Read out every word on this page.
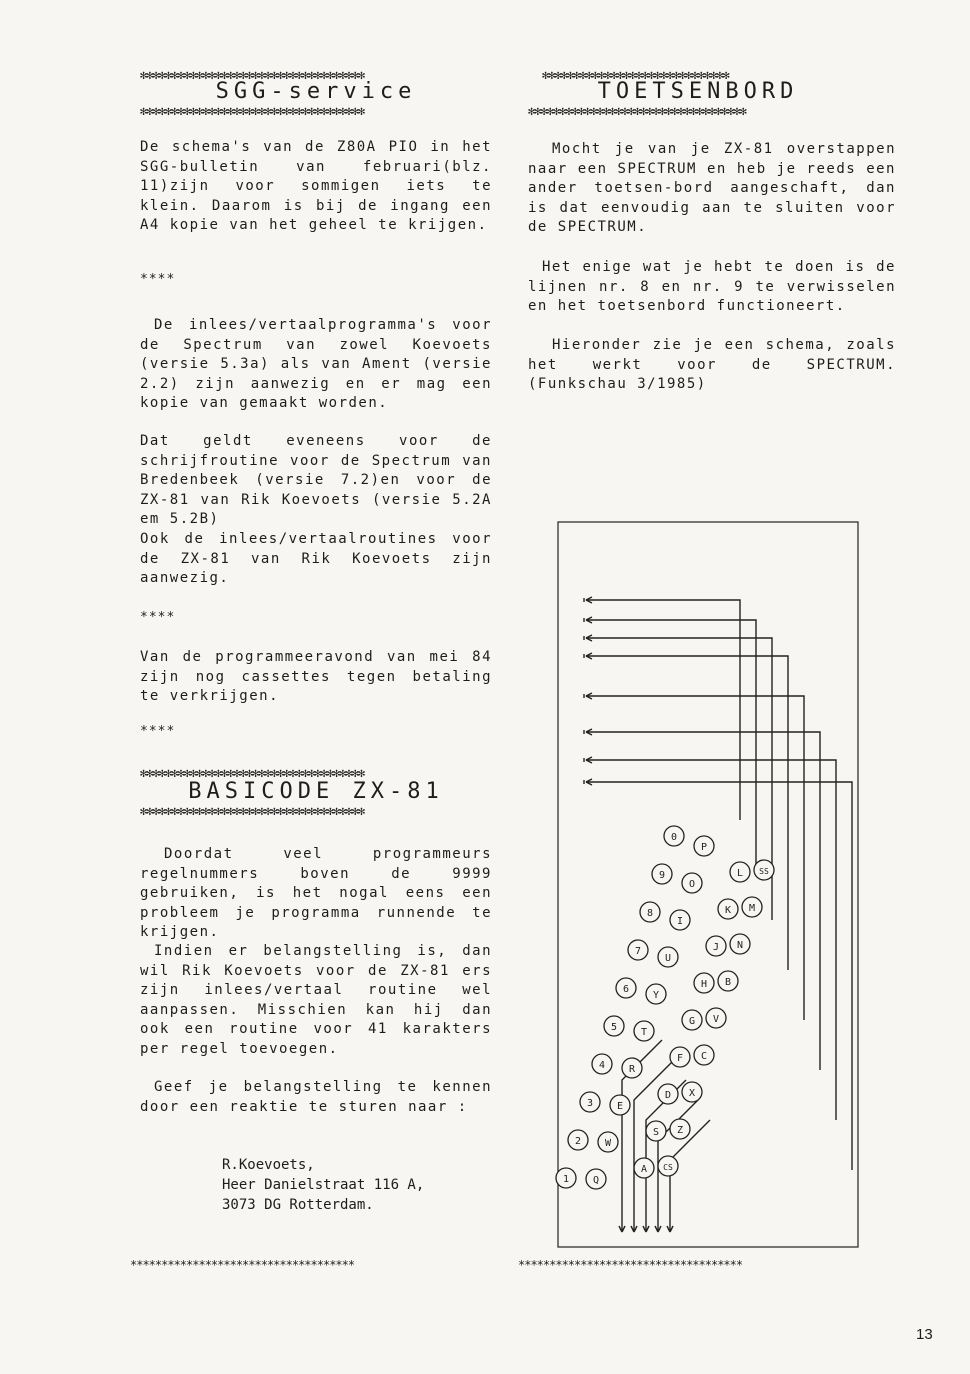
✻✻✻✻✻✻✻✻✻✻✻✻✻✻✻✻✻✻✻✻✻✻✻✻✻✻✻✻✻✻✻✻✻✻✻✻
SGG-service
✻✻✻✻✻✻✻✻✻✻✻✻✻✻✻✻✻✻✻✻✻✻✻✻✻✻✻✻✻✻✻✻✻✻✻✻

De schema's van de Z80A PIO in het SGG-bulletin van februari(blz. 11)zijn voor sommigen iets te klein. Daarom is bij de ingang een A4 kopie van het geheel te krijgen.

****

De inlees/vertaalprogramma's voor de Spectrum van zowel Koevoets (versie 5.3a) als van Ament (versie 2.2) zijn aanwezig en er mag een kopie van gemaakt worden.

Dat geldt eveneens voor de schrijfroutine voor de Spectrum van Bredenbeek (versie 7.2)en voor de ZX-81 van Rik Koevoets (versie 5.2A em 5.2B)

Ook de inlees/vertaalroutines voor de ZX-81 van Rik Koevoets zijn aanwezig.

****

Van de programmeeravond van mei 84 zijn nog cassettes tegen betaling te verkrijgen.

****
✻✻✻✻✻✻✻✻✻✻✻✻✻✻✻✻✻✻✻✻✻✻✻✻✻✻✻✻✻✻✻✻✻✻✻✻
BASICODE ZX-81
✻✻✻✻✻✻✻✻✻✻✻✻✻✻✻✻✻✻✻✻✻✻✻✻✻✻✻✻✻✻✻✻✻✻✻✻

Doordat veel programmeurs regelnummers boven de 9999 gebruiken, is het nogal eens een probleem je programma runnende te krijgen.

Indien er belangstelling is, dan wil Rik Koevoets voor de ZX-81 ers zijn inlees/vertaal routine wel aanpassen. Misschien kan hij dan ook een routine voor 41 karakters per regel toevoegen.

Geef je belangstelling te kennen door een reaktie te sturen naar :

R.Koevoets,
Heer Danielstraat 116 A,
3073 DG Rotterdam.
************************************
✻✻✻✻✻✻✻✻✻✻✻✻✻✻✻✻✻✻✻✻✻✻✻✻✻✻✻✻✻✻
TOETSENBORD
✻✻✻✻✻✻✻✻✻✻✻✻✻✻✻✻✻✻✻✻✻✻✻✻✻✻✻✻✻✻✻✻✻✻✻

Mocht je van je ZX-81 overstappen naar een SPECTRUM en heb je reeds een ander toetsen-bord aangeschaft, dan is dat eenvoudig aan te sluiten voor de SPECTRUM.

Het enige wat je hebt te doen is de lijnen nr. 8 en nr. 9 te verwisselen en het toetsenbord functioneert.

Hieronder zie je een schema, zoals het werkt voor de SPECTRUM. (Funkschau 3/1985)

P
O
I
U
Y
T
R
E
W
Q
0
9
8
7
6
5
4
3
2
1
L
K
J
H
G
F
D
S
A
SS
M
N
B
V
C
X
Z
CS
************************************
13
